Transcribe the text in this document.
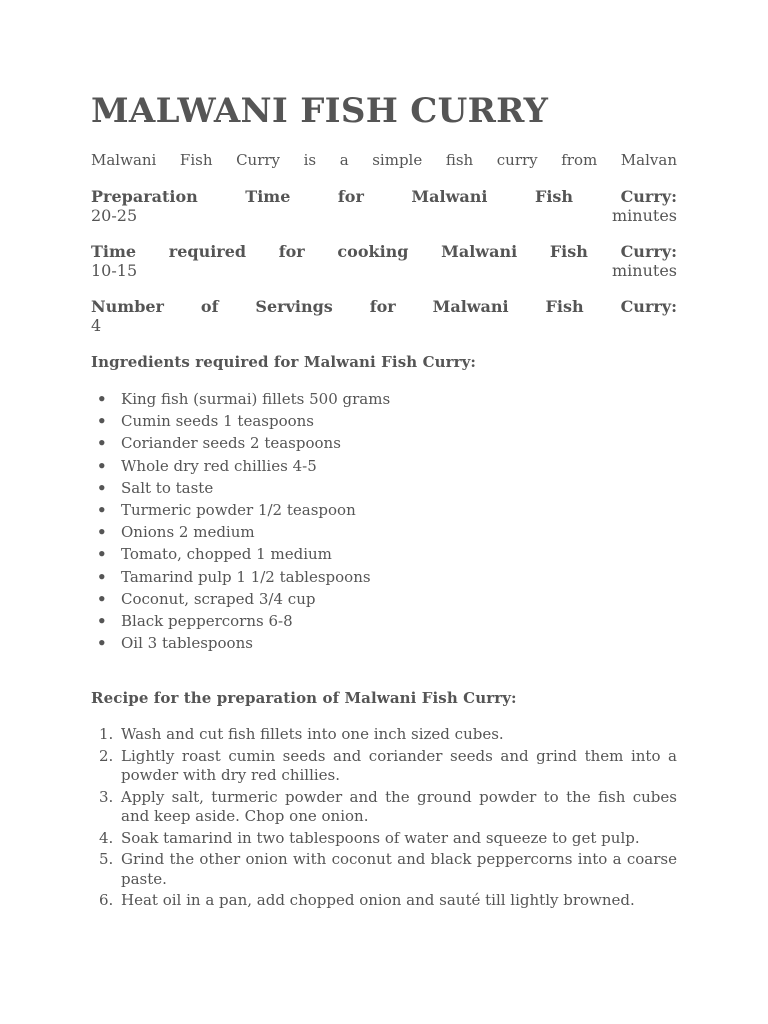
MALWANI FISH CURRY

Malwani Fish Curry is a simple fish curry from Malvan

Preparation Time for Malwani Fish Curry:
20-25	minutes
Time required for cooking Malwani Fish Curry:
10-15	minutes
Number of Servings for Malwani Fish Curry:
4

Ingredients required for Malwani Fish Curry:

• King fish (surmai) fillets 500 grams
• Cumin seeds 1 teaspoons
• Coriander seeds 2 teaspoons
• Whole dry red chillies 4-5
• Salt to taste
• Turmeric powder 1/2 teaspoon
• Onions 2 medium
• Tomato, chopped 1 medium
• Tamarind pulp 1 1/2 tablespoons
• Coconut, scraped 3/4 cup
• Black peppercorns 6-8
• Oil 3 tablespoons

Recipe for the preparation of Malwani Fish Curry:

1. Wash and cut fish fillets into one inch sized cubes.
2. Lightly roast cumin seeds and coriander seeds and grind them into a powder with dry red chillies.
3. Apply salt, turmeric powder and the ground powder to the fish cubes and keep aside. Chop one onion.
4. Soak tamarind in two tablespoons of water and squeeze to get pulp.
5. Grind the other onion with coconut and black peppercorns into a coarse paste.
6. Heat oil in a pan, add chopped onion and sauté till lightly browned.
